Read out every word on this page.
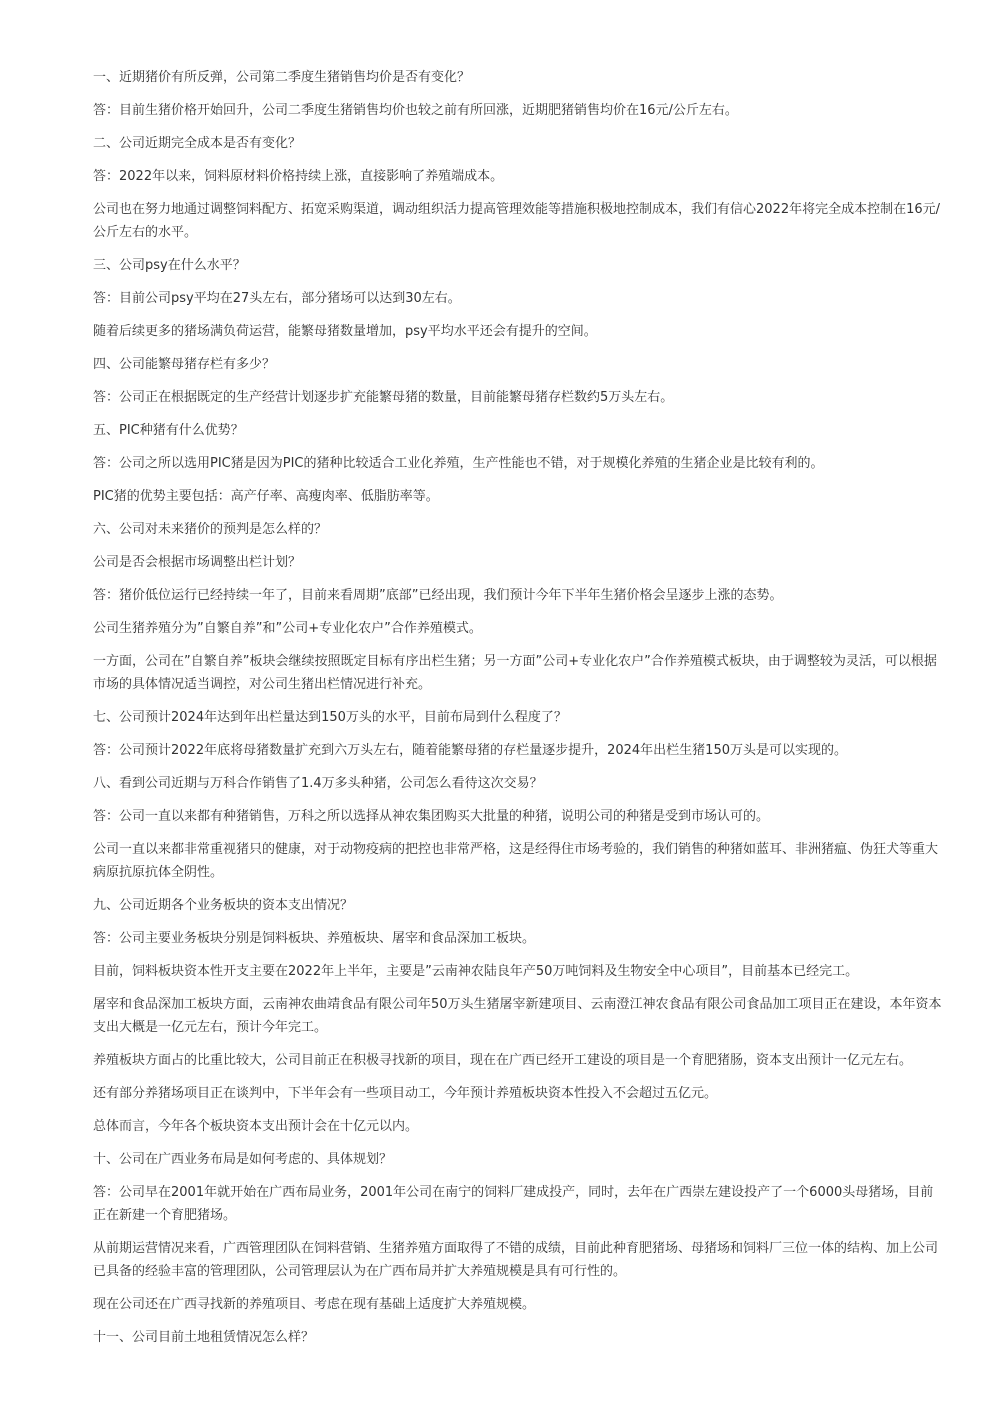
一、近期猪价有所反弹，公司第二季度生猪销售均价是否有变化？

答：目前生猪价格开始回升，公司二季度生猪销售均价也较之前有所回涨，近期肥猪销售均价在16元/公斤左右。

二、公司近期完全成本是否有变化？

答：2022年以来，饲料原材料价格持续上涨，直接影响了养殖端成本。

公司也在努力地通过调整饲料配方、拓宽采购渠道，调动组织活力提高管理效能等措施积极地控制成本，我们有信心2022年将完全成本控制在16元/公斤左右的水平。

三、公司psy在什么水平？

答：目前公司psy平均在27头左右，部分猪场可以达到30左右。

随着后续更多的猪场满负荷运营，能繁母猪数量增加，psy平均水平还会有提升的空间。

四、公司能繁母猪存栏有多少？

答：公司正在根据既定的生产经营计划逐步扩充能繁母猪的数量，目前能繁母猪存栏数约5万头左右。

五、PIC种猪有什么优势？

答：公司之所以选用PIC猪是因为PIC的猪种比较适合工业化养殖，生产性能也不错，对于规模化养殖的生猪企业是比较有利的。

PIC猪的优势主要包括：高产仔率、高瘦肉率、低脂肪率等。

六、公司对未来猪价的预判是怎么样的？

公司是否会根据市场调整出栏计划？

答：猪价低位运行已经持续一年了，目前来看周期”底部”已经出现，我们预计今年下半年生猪价格会呈逐步上涨的态势。

公司生猪养殖分为”自繁自养”和”公司+专业化农户”合作养殖模式。

一方面，公司在”自繁自养”板块会继续按照既定目标有序出栏生猪；另一方面”公司+专业化农户”合作养殖模式板块，由于调整较为灵活，可以根据市场的具体情况适当调控，对公司生猪出栏情况进行补充。

七、公司预计2024年达到年出栏量达到150万头的水平，目前布局到什么程度了？

答：公司预计2022年底将母猪数量扩充到六万头左右，随着能繁母猪的存栏量逐步提升，2024年出栏生猪150万头是可以实现的。

八、看到公司近期与万科合作销售了1.4万多头种猪，公司怎么看待这次交易？

答：公司一直以来都有种猪销售，万科之所以选择从神农集团购买大批量的种猪，说明公司的种猪是受到市场认可的。

公司一直以来都非常重视猪只的健康，对于动物疫病的把控也非常严格，这是经得住市场考验的，我们销售的种猪如蓝耳、非洲猪瘟、伪狂犬等重大病原抗原抗体全阴性。

九、公司近期各个业务板块的资本支出情况？

答：公司主要业务板块分别是饲料板块、养殖板块、屠宰和食品深加工板块。

目前，饲料板块资本性开支主要在2022年上半年，主要是”云南神农陆良年产50万吨饲料及生物安全中心项目”，目前基本已经完工。

屠宰和食品深加工板块方面，云南神农曲靖食品有限公司年50万头生猪屠宰新建项目、云南澄江神农食品有限公司食品加工项目正在建设，本年资本支出大概是一亿元左右，预计今年完工。

养殖板块方面占的比重比较大，公司目前正在积极寻找新的项目，现在在广西已经开工建设的项目是一个育肥猪肠，资本支出预计一亿元左右。

还有部分养猪场项目正在谈判中，下半年会有一些项目动工，今年预计养殖板块资本性投入不会超过五亿元。

总体而言，今年各个板块资本支出预计会在十亿元以内。

十、公司在广西业务布局是如何考虑的、具体规划？

答：公司早在2001年就开始在广西布局业务，2001年公司在南宁的饲料厂建成投产，同时，去年在广西崇左建设投产了一个6000头母猪场，目前正在新建一个育肥猪场。

从前期运营情况来看，广西管理团队在饲料营销、生猪养殖方面取得了不错的成绩，目前此种育肥猪场、母猪场和饲料厂三位一体的结构、加上公司已具备的经验丰富的管理团队，公司管理层认为在广西布局并扩大养殖规模是具有可行性的。

现在公司还在广西寻找新的养殖项目、考虑在现有基础上适度扩大养殖规模。

十一、公司目前土地租赁情况怎么样？
